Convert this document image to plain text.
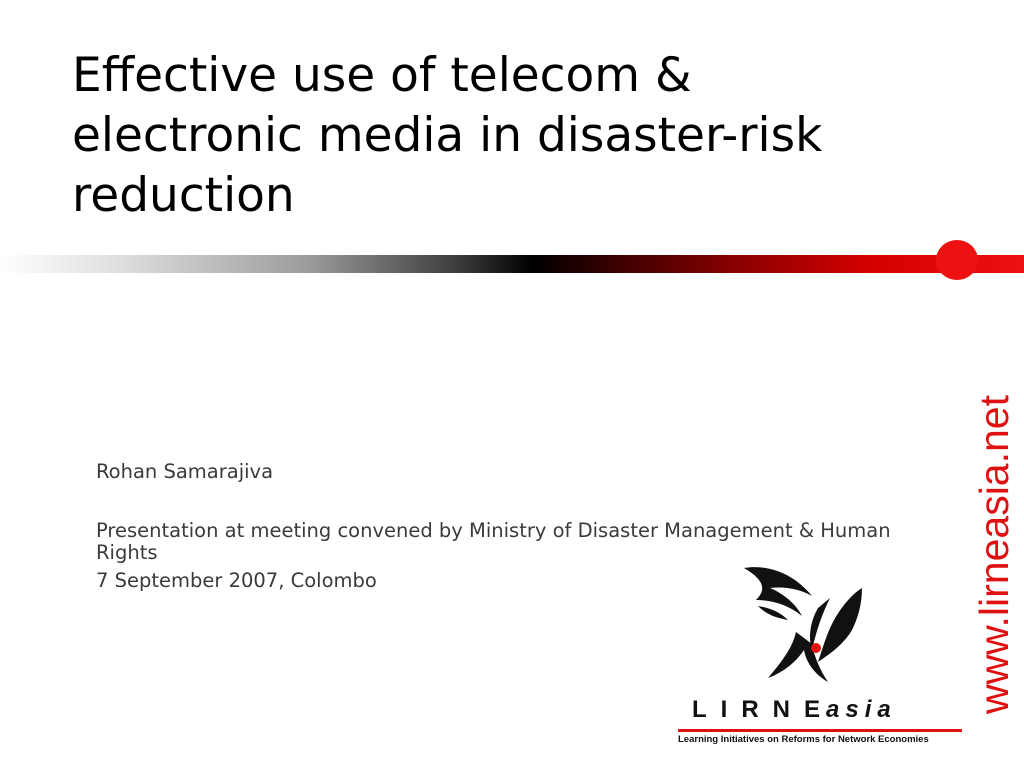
Effective use of telecom &
electronic media in disaster-risk
reduction

Rohan Samarajiva

Presentation at meeting convened by Ministry of Disaster Management & Human Rights

7 September 2007, Colombo	www.lirneasia.net
LIRNEasia
Learning Initiatives on Reforms for Network Economies
